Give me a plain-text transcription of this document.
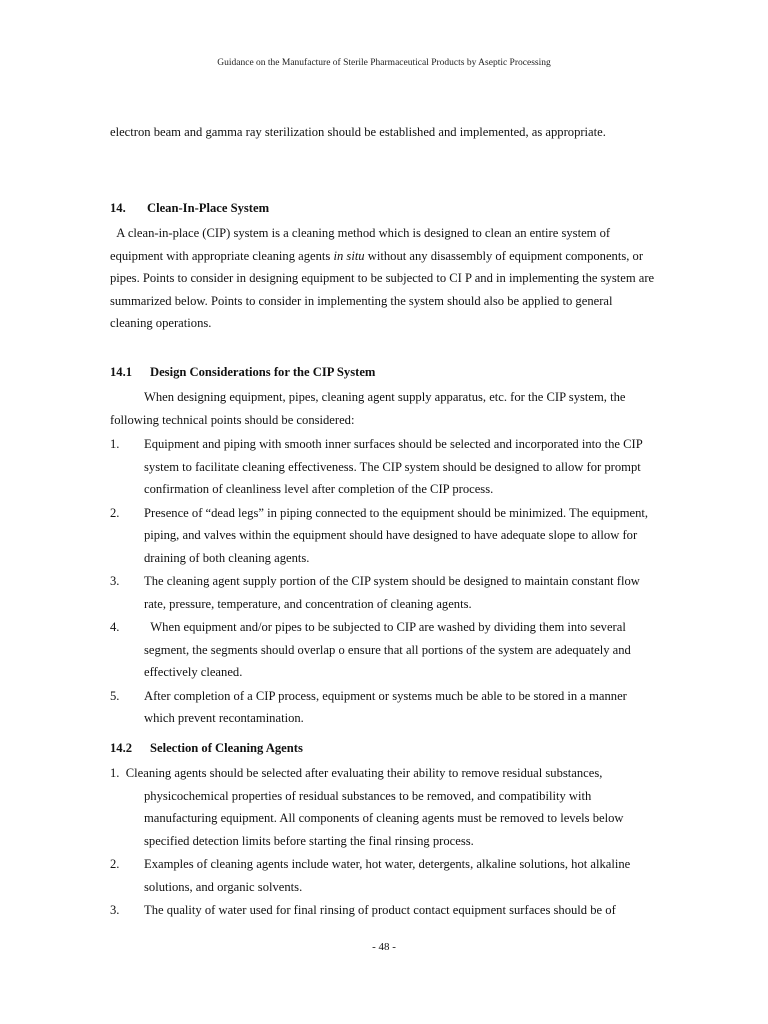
Guidance on the Manufacture of Sterile Pharmaceutical Products by Aseptic Processing

electron beam and gamma ray sterilization should be established and implemented, as appropriate.

14. Clean-In-Place System

A clean-in-place (CIP) system is a cleaning method which is designed to clean an entire system of equipment with appropriate cleaning agents in situ without any disassembly of equipment components, or pipes. Points to consider in designing equipment to be subjected to CI P and in implementing the system are summarized below. Points to consider in implementing the system should also be applied to general cleaning operations.

14.1 Design Considerations for the CIP System

When designing equipment, pipes, cleaning agent supply apparatus, etc. for the CIP system, the following technical points should be considered:

1. Equipment and piping with smooth inner surfaces should be selected and incorporated into the CIP system to facilitate cleaning effectiveness. The CIP system should be designed to allow for prompt confirmation of cleanliness level after completion of the CIP process.

2. Presence of “dead legs” in piping connected to the equipment should be minimized. The equipment, piping, and valves within the equipment should have designed to have adequate slope to allow for draining of both cleaning agents.

3. The cleaning agent supply portion of the CIP system should be designed to maintain constant flow rate, pressure, temperature, and concentration of cleaning agents.

4. When equipment and/or pipes to be subjected to CIP are washed by dividing them into several segment, the segments should overlap o ensure that all portions of the system are adequately and effectively cleaned.

5. After completion of a CIP process, equipment or systems much be able to be stored in a manner which prevent recontamination.

14.2 Selection of Cleaning Agents

1.  Cleaning agents should be selected after evaluating their ability to remove residual substances,
physicochemical properties of residual substances to be removed, and compatibility with manufacturing equipment. All components of cleaning agents must be removed to levels below specified detection limits before starting the final rinsing process.

2. Examples of cleaning agents include water, hot water, detergents, alkaline solutions, hot alkaline solutions, and organic solvents.

3. The quality of water used for final rinsing of product contact equipment surfaces should be of

- 48 -
